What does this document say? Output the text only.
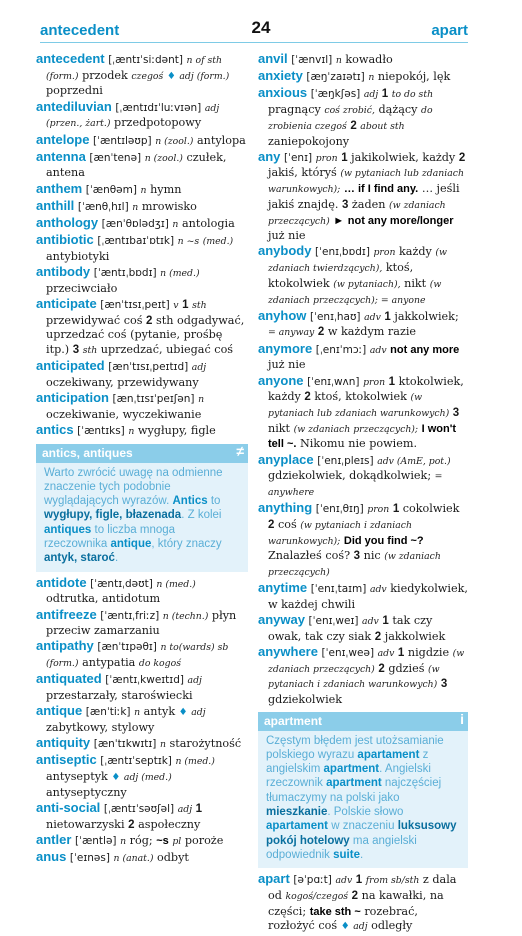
antecedent	24	apart
antecedent [ˌæntɪˈsiːdənt] n of sth (form.) przodek czegoś ♦ adj (form.) poprzedni
antediluvian [ˌæntɪdɪˈluːvɪən] adj (przen., żart.) przedpotopowy
antelope [ˈæntɪləʊp] n (zool.) antylopa
antenna [ænˈtenə] n (zool.) czułek, antena
anthem [ˈænθəm] n hymn
anthill [ˈænθˌhɪl] n mrowisko
anthology [ænˈθɒlədʒɪ] n antologia
antibiotic [ˌæntɪbaɪˈɒtɪk] n ~s (med.) antybiotyki
antibody [ˈæntɪˌbɒdɪ] n (med.) przeciwciało
anticipate [ænˈtɪsɪˌpeɪt] v 1 sth przewidywać coś 2 sth odgadywać, uprzedzać coś (pytanie, prośbę itp.) 3 sth uprzedzać, ubiegać coś
anticipated [ænˈtɪsɪˌpeɪtɪd] adj oczekiwany, przewidywany
anticipation [ænˌtɪsɪˈpeɪʃən] n oczekiwanie, wyczekiwanie
antics [ˈæntɪks] n wygłupy, figle
antics, antiques	≠
Warto zwrócić uwagę na odmienne znaczenie tych podobnie wyglądających wyrazów. Antics to wygłupy, figle, błazenada. Z kolei antiques to liczba mnoga rzeczownika antique, który znaczy antyk, staroć.
antidote [ˈæntɪˌdəʊt] n (med.) odtrutka, antidotum
antifreeze [ˈæntɪˌfriːz] n (techn.) płyn przeciw zamarzaniu
antipathy [ænˈtɪpəθɪ] n to(wards) sb (form.) antypatia do kogoś
antiquated [ˈæntɪˌkweɪtɪd] adj przestarzały, staroświecki
antique [ænˈtiːk] n antyk ♦ adj zabytkowy, stylowy
antiquity [ænˈtɪkwɪtɪ] n starożytność
antiseptic [ˌæntɪˈseptɪk] n (med.) antyseptyk ♦ adj (med.) antyseptyczny
anti-social [ˌæntɪˈsəʊʃəl] adj 1 nietowarzyski 2 aspołeczny
antler [ˈæntlə] n róg; ~s pl poroże
anus [ˈeɪnəs] n (anat.) odbyt
anvil [ˈænvɪl] n kowadło
anxiety [æŋˈzaɪətɪ] n niepokój, lęk
anxious [ˈæŋkʃəs] adj 1 to do sth pragnący coś zrobić, dążący do zrobienia czegoś 2 about sth zaniepokojony
any [ˈenɪ] pron 1 jakikolwiek, każdy 2 jakiś, któryś (w pytaniach lub zdaniach warunkowych); … if I find any. … jeśli jakiś znajdę. 3 żaden (w zdaniach przeczących) ► not any more/longer już nie
anybody [ˈenɪˌbɒdɪ] pron każdy (w zdaniach twierdzących), ktoś, ktokolwiek (w pytaniach), nikt (w zdaniach przeczących); = anyone
anyhow [ˈenɪˌhaʊ] adv 1 jakkolwiek; = anyway 2 w każdym razie
anymore [ˌenɪˈmɔː] adv not any more już nie
anyone [ˈenɪˌwʌn] pron 1 ktokolwiek, każdy 2 ktoś, ktokolwiek (w pytaniach lub zdaniach warunkowych) 3 nikt (w zdaniach przeczących); I won't tell ~. Nikomu nie powiem.
anyplace [ˈenɪˌpleɪs] adv (AmE, pot.) gdziekolwiek, dokądkolwiek; = anywhere
anything [ˈenɪˌθɪŋ] pron 1 cokolwiek 2 coś (w pytaniach i zdaniach warunkowych); Did you find ~? Znalazłeś coś? 3 nic (w zdaniach przeczących)
anytime [ˈenɪˌtaɪm] adv kiedykolwiek, w każdej chwili
anyway [ˈenɪˌweɪ] adv 1 tak czy owak, tak czy siak 2 jakkolwiek
anywhere [ˈenɪˌweə] adv 1 nigdzie (w zdaniach przeczących) 2 gdzieś (w pytaniach i zdaniach warunkowych) 3 gdziekolwiek
apartment	i
Częstym błędem jest utożsamianie polskiego wyrazu apartament z angielskim apartment. Angielski rzeczownik apartment najczęściej tłumaczymy na polski jako mieszkanie. Polskie słowo apartament w znaczeniu luksusowy pokój hotelowy ma angielski odpowiednik suite.
apart [əˈpɑːt] adv 1 from sb/sth z dala od kogoś/czegoś 2 na kawałki, na części; take sth ~ rozebrać, rozłożyć coś ♦ adj odległy
